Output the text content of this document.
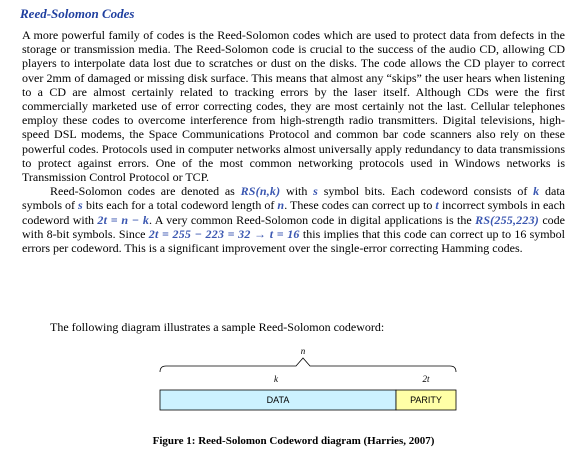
Reed-Solomon Codes

A more powerful family of codes is the Reed-Solomon codes which are used to protect data from defects in the storage or transmission media. The Reed-Solomon code is crucial to the success of the audio CD, allowing CD players to interpolate data lost due to scratches or dust on the disks. The code allows the CD player to correct over 2mm of damaged or missing disk surface. This means that almost any “skips” the user hears when listening to a CD are almost certainly related to tracking errors by the laser itself. Although CDs were the first commercially marketed use of error correcting codes, they are most certainly not the last. Cellular telephones employ these codes to overcome interference from high-strength radio transmitters. Digital televisions, high-speed DSL modems, the Space Communications Protocol and common bar code scanners also rely on these powerful codes. Protocols used in computer networks almost universally apply redundancy to data transmissions to protect against errors. One of the most common networking protocols used in Windows networks is Transmission Control Protocol or TCP.

Reed-Solomon codes are denoted as RS(n,k) with s symbol bits. Each codeword consists of k data symbols of s bits each for a total codeword length of n. These codes can correct up to t incorrect symbols in each codeword with 2t = n − k. A very common Reed-Solomon code in digital applications is the RS(255,223) code with 8-bit symbols. Since 2t = 255 − 223 = 32 → t = 16 this implies that this code can correct up to 16 symbol errors per codeword. This is a significant improvement over the single-error correcting Hamming codes.

The following diagram illustrates a sample Reed-Solomon codeword:
n
k	2t
DATA	PARITY
Figure 1: Reed-Solomon Codeword diagram (Harries, 2007)
